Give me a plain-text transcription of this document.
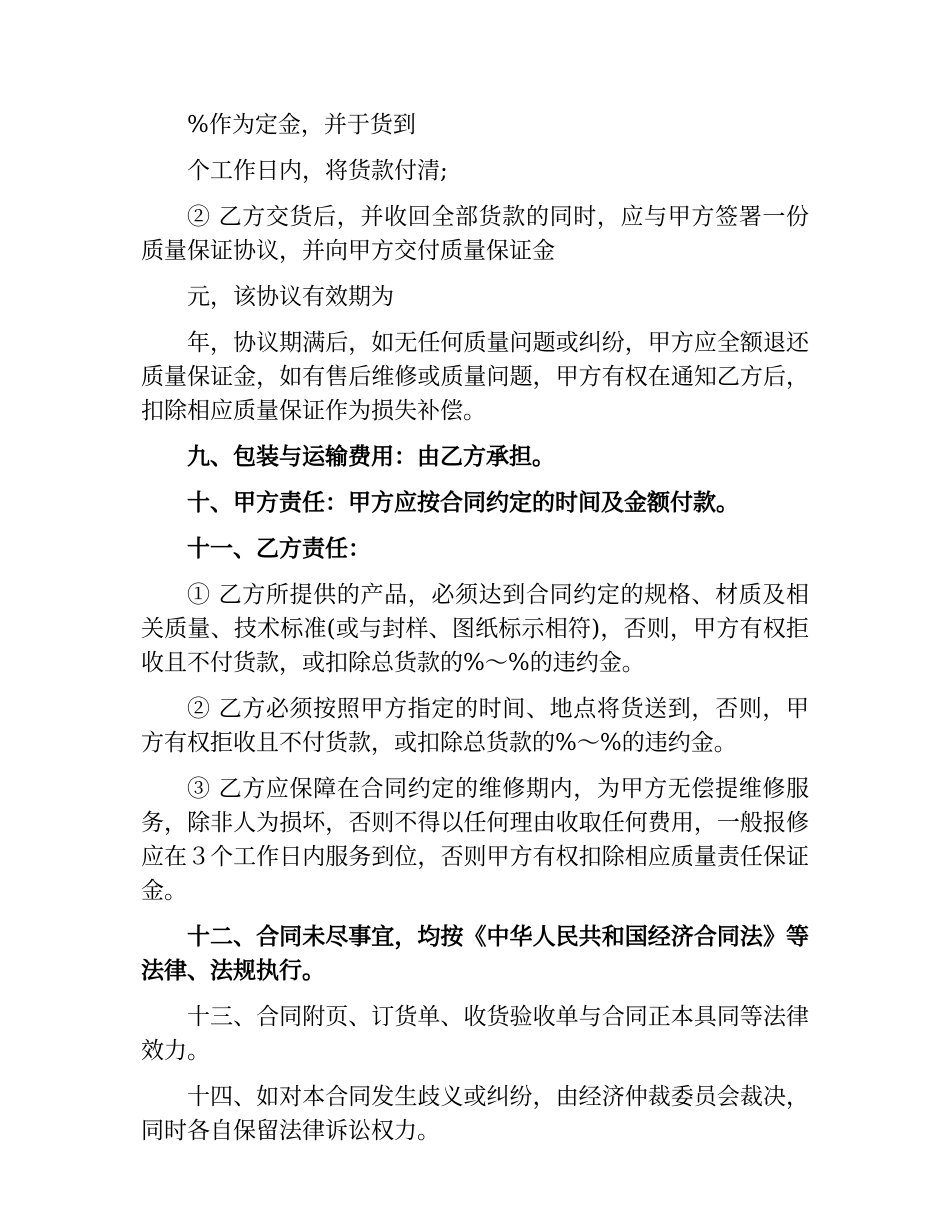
%作为定金，并于货到

个工作日内，将货款付清;

② 乙方交货后，并收回全部货款的同时，应与甲方签署一份质量保证协议，并向甲方交付质量保证金

元，该协议有效期为

年，协议期满后，如无任何质量问题或纠纷，甲方应全额退还质量保证金，如有售后维修或质量问题，甲方有权在通知乙方后，扣除相应质量保证作为损失补偿。

九、包装与运输费用：由乙方承担。

十、甲方责任：甲方应按合同约定的时间及金额付款。

十一、乙方责任：

① 乙方所提供的产品，必须达到合同约定的规格、材质及相关质量、技术标准(或与封样、图纸标示相符)，否则，甲方有权拒收且不付货款，或扣除总货款的%～%的违约金。

② 乙方必须按照甲方指定的时间、地点将货送到，否则，甲方有权拒收且不付货款，或扣除总货款的%～%的违约金。

③ 乙方应保障在合同约定的维修期内，为甲方无偿提维修服务，除非人为损坏，否则不得以任何理由收取任何费用，一般报修应在３个工作日内服务到位，否则甲方有权扣除相应质量责任保证金。

十二、合同未尽事宜，均按《中华人民共和国经济合同法》等法律、法规执行。

十三、合同附页、订货单、收货验收单与合同正本具同等法律效力。

十四、如对本合同发生歧义或纠纷，由经济仲裁委员会裁决，同时各自保留法律诉讼权力。
